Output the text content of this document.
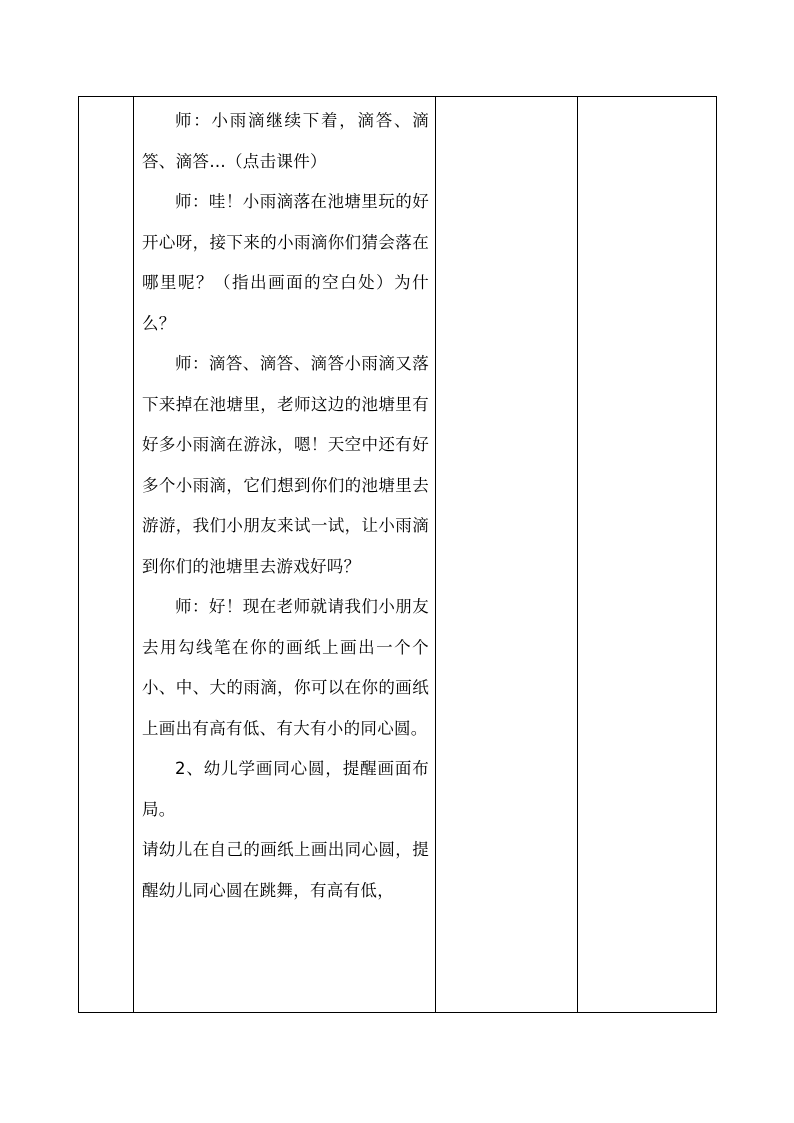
师：小雨滴继续下着，滴答、滴答、滴答…（点击课件）

师：哇！小雨滴落在池塘里玩的好开心呀，接下来的小雨滴你们猜会落在哪里呢？（指出画面的空白处）为什么？

师：滴答、滴答、滴答小雨滴又落下来掉在池塘里，老师这边的池塘里有好多小雨滴在游泳，嗯！天空中还有好多个小雨滴，它们想到你们的池塘里去游游，我们小朋友来试一试，让小雨滴到你们的池塘里去游戏好吗？

师：好！现在老师就请我们小朋友去用勾线笔在你的画纸上画出一个个小、中、大的雨滴，你可以在你的画纸上画出有高有低、有大有小的同心圆。

2、幼儿学画同心圆，提醒画面布局。

请幼儿在自己的画纸上画出同心圆，提醒幼儿同心圆在跳舞，有高有低，
